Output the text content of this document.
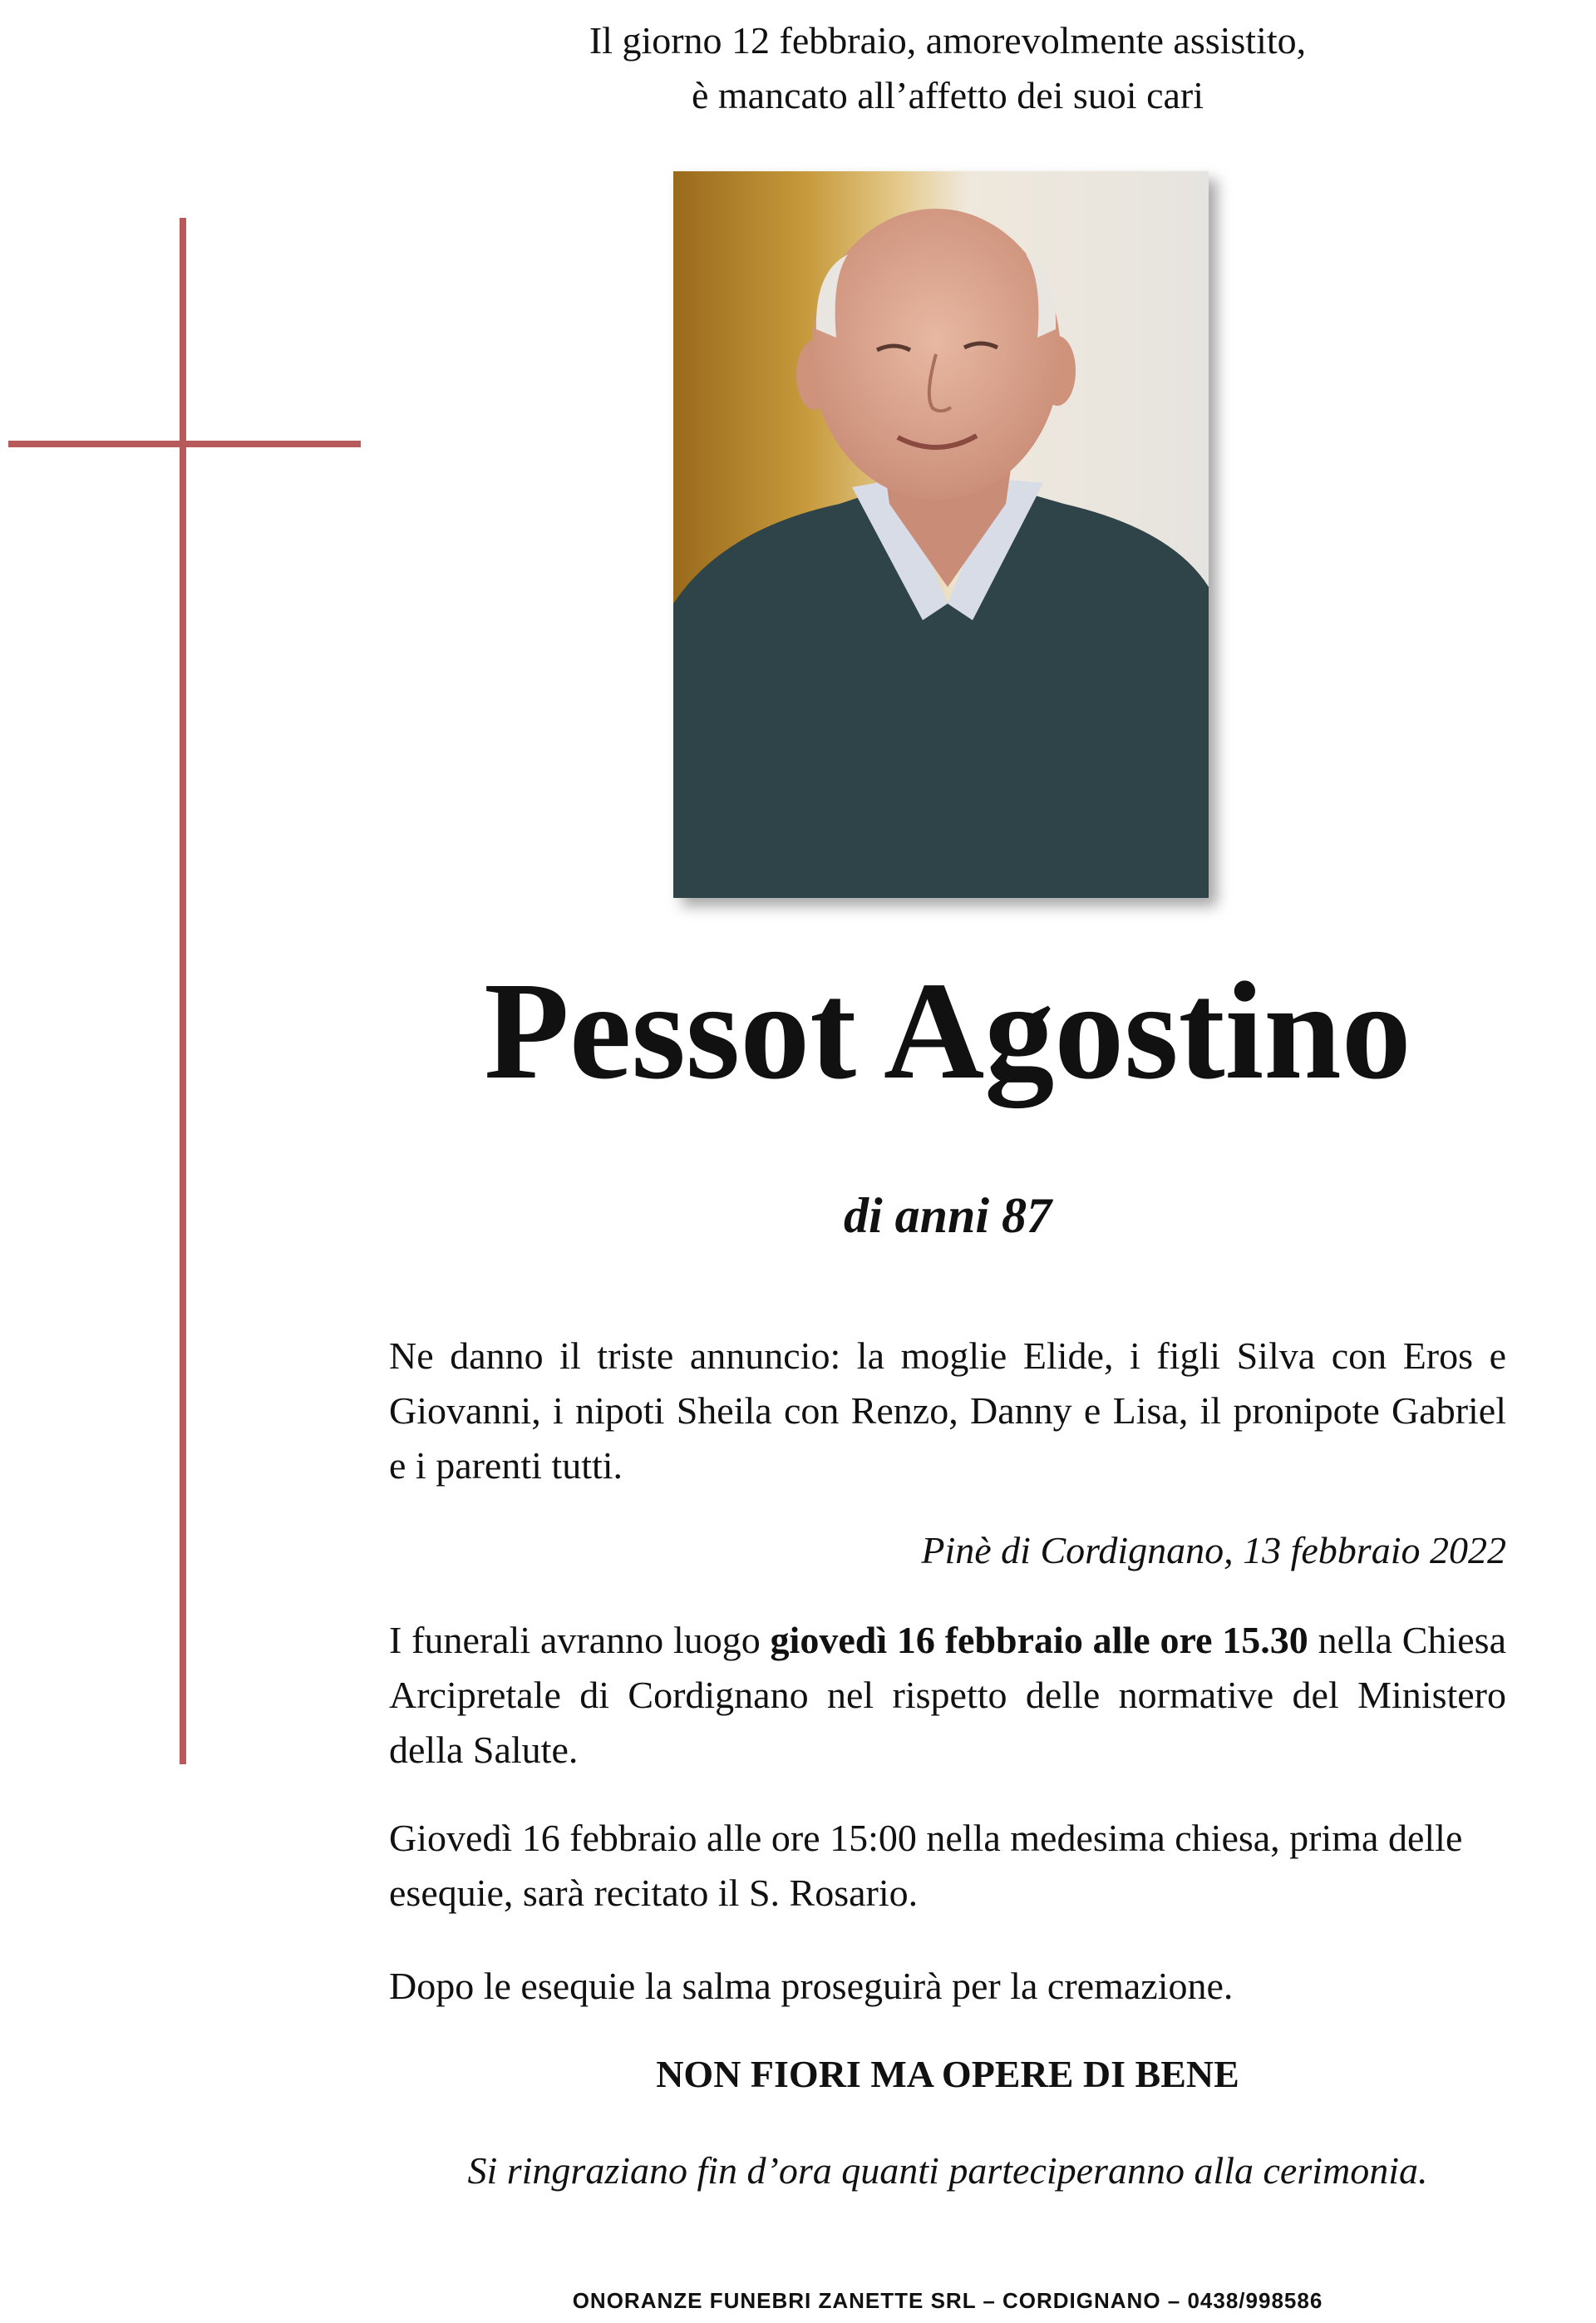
Il giorno 12 febbraio, amorevolmente assistito,
è mancato all’affetto dei suoi cari
Pessot Agostino
di anni 87
Ne danno il triste annuncio: la moglie Elide, i figli Silva con Eros e Giovanni, i nipoti Sheila con Renzo, Danny e Lisa, il pronipote Gabriel e i parenti tutti.
Pinè di Cordignano, 13 febbraio 2022
I funerali avranno luogo giovedì 16 febbraio alle ore 15.30 nella Chiesa Arcipretale di Cordignano nel rispetto delle normative del Ministero della Salute.
Giovedì 16 febbraio alle ore 15:00 nella medesima chiesa, prima delle esequie, sarà recitato il S. Rosario.
Dopo le esequie la salma proseguirà per la cremazione.
NON FIORI MA OPERE DI BENE
Si ringraziano fin d’ora quanti parteciperanno alla cerimonia.
ONORANZE FUNEBRI ZANETTE SRL – CORDIGNANO – 0438/998586
